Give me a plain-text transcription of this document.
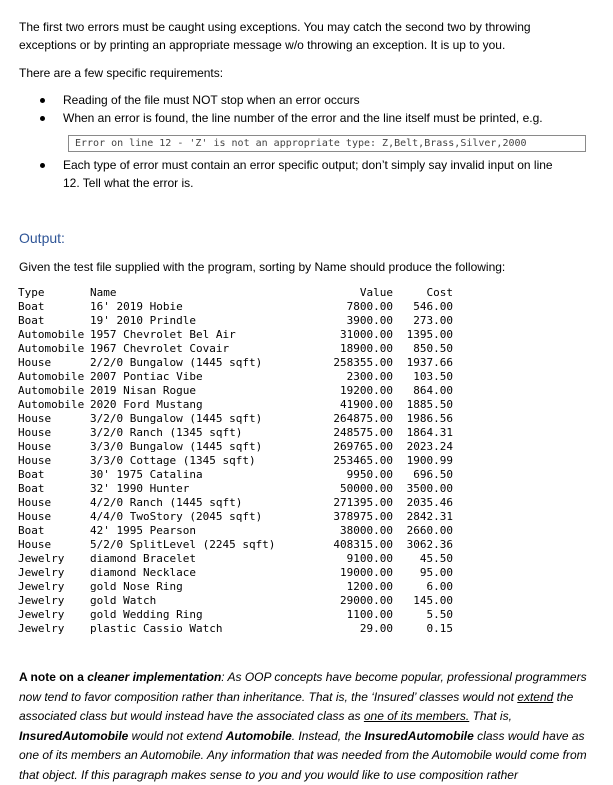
The first two errors must be caught using exceptions. You may catch the second two by throwing
exceptions or by printing an appropriate message w/o throwing an exception. It is up to you.
There are a few specific requirements:
Reading of the file must NOT stop when an error occurs
When an error is found, the line number of the error and the line itself must be printed, e.g.
Error on line 12 - 'Z' is not an appropriate type: Z,Belt,Brass,Silver,2000
Each type of error must contain an error specific output; don’t simply say invalid input on line
12. Tell what the error is.
Output:
Given the test file supplied with the program, sorting by Name should produce the following:
Type	Name	Value	Cost
Boat	16' 2019 Hobie	7800.00	546.00
Boat	19' 2010 Prindle	3900.00	273.00
Automobile	1957 Chevrolet Bel Air	31000.00	1395.00
Automobile	1967 Chevrolet Covair	18900.00	850.50
House	2/2/0 Bungalow (1445 sqft)	258355.00	1937.66
Automobile	2007 Pontiac Vibe	2300.00	103.50
Automobile	2019 Nisan Rogue	19200.00	864.00
Automobile	2020 Ford Mustang	41900.00	1885.50
House	3/2/0 Bungalow (1445 sqft)	264875.00	1986.56
House	3/2/0 Ranch (1345 sqft)	248575.00	1864.31
House	3/3/0 Bungalow (1445 sqft)	269765.00	2023.24
House	3/3/0 Cottage (1345 sqft)	253465.00	1900.99
Boat	30' 1975 Catalina	9950.00	696.50
Boat	32' 1990 Hunter	50000.00	3500.00
House	4/2/0 Ranch (1445 sqft)	271395.00	2035.46
House	4/4/0 TwoStory (2045 sqft)	378975.00	2842.31
Boat	42' 1995 Pearson	38000.00	2660.00
House	5/2/0 SplitLevel (2245 sqft)	408315.00	3062.36
Jewelry	diamond Bracelet	9100.00	45.50
Jewelry	diamond Necklace	19000.00	95.00
Jewelry	gold Nose Ring	1200.00	6.00
Jewelry	gold Watch	29000.00	145.00
Jewelry	gold Wedding Ring	1100.00	5.50
Jewelry	plastic Cassio Watch	29.00	0.15
A note on a cleaner implementation: As OOP concepts have become popular, professional programmers now tend to favor composition rather than inheritance. That is, the ‘Insured’ classes would not extend the associated class but would instead have the associated class as one of its members. That is, InsuredAutomobile would not extend Automobile. Instead, the InsuredAutomobile class would have as one of its members an Automobile. Any information that was needed from the Automobile would come from that object. If this paragraph makes sense to you and you would like to use composition rather
